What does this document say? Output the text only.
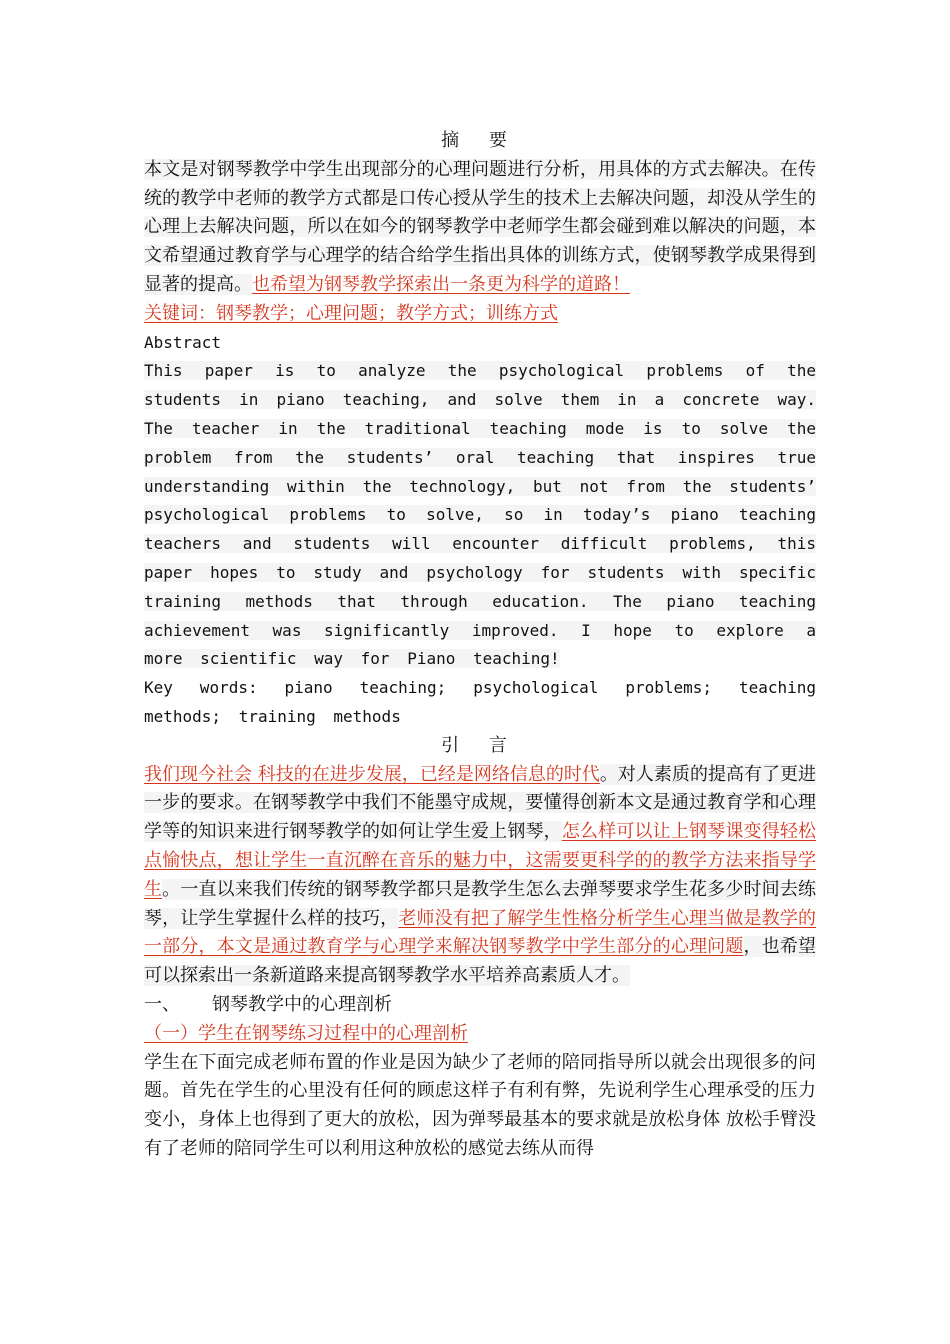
摘 要

本文是对钢琴教学中学生出现部分的心理问题进行分析，用具体的方式去解决。在传统的教学中老师的教学方式都是口传心授从学生的技术上去解决问题，却没从学生的心理上去解决问题，所以在如今的钢琴教学中老师学生都会碰到难以解决的问题，本文希望通过教育学与心理学的结合给学生指出具体的训练方式，使钢琴教学成果得到显著的提高。也希望为钢琴教学探索出一条更为科学的道路！

关键词：钢琴教学；心理问题；教学方式；训练方式
Abstract

This paper is to analyze the psychological problems of the students in piano teaching, and solve them in a concrete way. The teacher in the traditional teaching mode is to solve the problem from the students’ oral teaching that inspires true understanding within the technology, but not from the students’ psychological problems to solve, so in today’s piano teaching teachers and students will encounter difficult problems, this paper hopes to study and psychology for students with specific training methods that through education. The piano teaching achievement was significantly improved. I hope to explore a more scientific way for Piano teaching!

Key words: piano teaching; psychological problems; teaching methods; training methods

引 言

我们现今社会 科技的在进步发展，已经是网络信息的时代。对人素质的提高有了更进一步的要求。在钢琴教学中我们不能墨守成规，要懂得创新本文是通过教育学和心理学等的知识来进行钢琴教学的如何让学生爱上钢琴，怎么样可以让上钢琴课变得轻松点愉快点，想让学生一直沉醉在音乐的魅力中，这需要更科学的的教学方法来指导学生。一直以来我们传统的钢琴教学都只是教学生怎么去弹琴要求学生花多少时间去练琴，让学生掌握什么样的技巧，老师没有把了解学生性格分析学生心理当做是教学的一部分，本文是通过教育学与心理学来解决钢琴教学中学生部分的心理问题，也希望可以探索出一条新道路来提高钢琴教学水平培养高素质人才。

一、 钢琴教学中的心理剖析
（一）学生在钢琴练习过程中的心理剖析

学生在下面完成老师布置的作业是因为缺少了老师的陪同指导所以就会出现很多的问题。首先在学生的心里没有任何的顾虑这样子有利有弊，先说利学生心理承受的压力变小，身体上也得到了更大的放松，因为弹琴最基本的要求就是放松身体 放松手臂没有了老师的陪同学生可以利用这种放松的感觉去练从而得
